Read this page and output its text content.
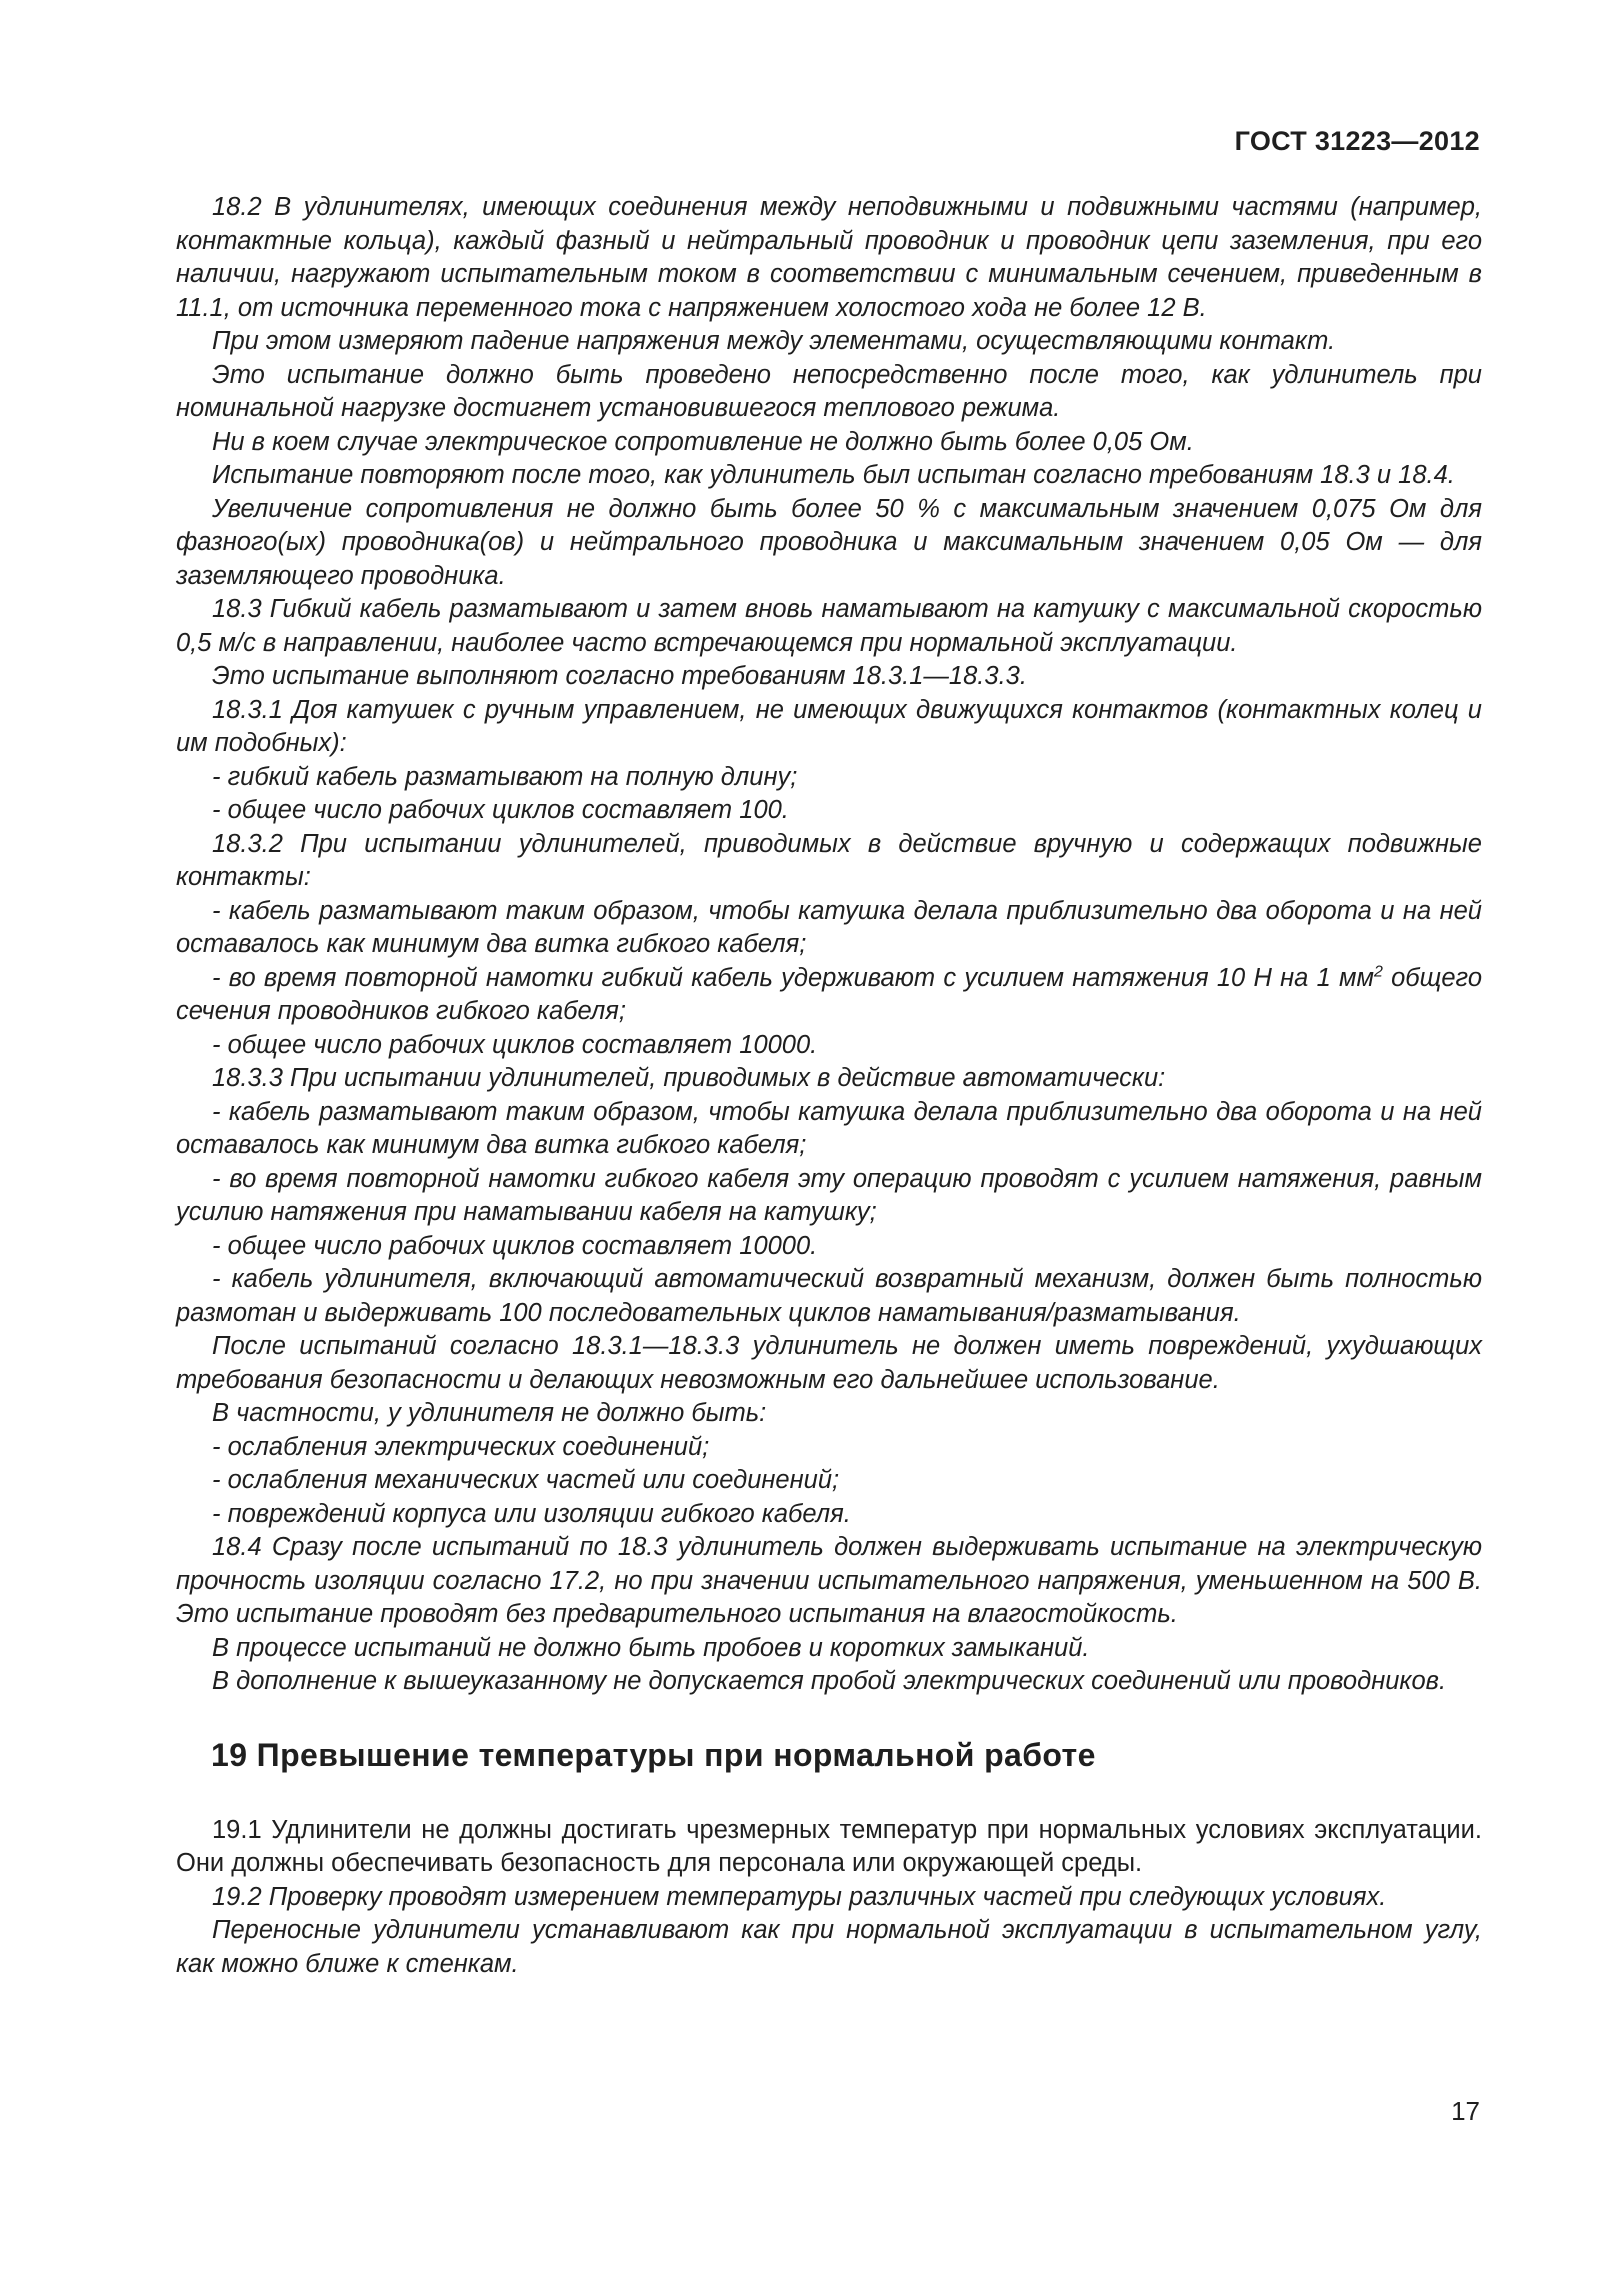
ГОСТ 31223—2012

18.2 В удлинителях, имеющих соединения между неподвижными и подвижными частями (например, контактные кольца), каждый фазный и нейтральный проводник и проводник цепи заземления, при его наличии, нагружают испытательным током в соответствии с минимальным сечением, приведенным в 11.1, от источника переменного тока с напряжением холостого хода не более 12 В.

При этом измеряют падение напряжения между элементами, осуществляющими контакт.

Это испытание должно быть проведено непосредственно после того, как удлинитель при номинальной нагрузке достигнет установившегося теплового режима.

Ни в коем случае электрическое сопротивление не должно быть более 0,05 Ом.

Испытание повторяют после того, как удлинитель был испытан согласно требованиям 18.3 и 18.4.

Увеличение сопротивления не должно быть более 50 % с максимальным значением 0,075 Ом для фазного(ых) проводника(ов) и нейтрального проводника и максимальным значением 0,05 Ом — для заземляющего проводника.

18.3 Гибкий кабель разматывают и затем вновь наматывают на катушку с максимальной скоростью 0,5 м/с в направлении, наиболее часто встречающемся при нормальной эксплуатации.

Это испытание выполняют согласно требованиям 18.3.1—18.3.3.

18.3.1 Доя катушек с ручным управлением, не имеющих движущихся контактов (контактных колец и им подобных):

- гибкий кабель разматывают на полную длину;

- общее число рабочих циклов составляет 100.

18.3.2 При испытании удлинителей, приводимых в действие вручную и содержащих подвижные контакты:

- кабель разматывают таким образом, чтобы катушка делала приблизительно два оборота и на ней оставалось как минимум два витка гибкого кабеля;

- во время повторной намотки гибкий кабель удерживают с усилием натяжения 10 Н на 1 $мм^2$ общего сечения проводников гибкого кабеля;

- общее число рабочих циклов составляет 10000.

18.3.3 При испытании удлинителей, приводимых в действие автоматически:

- кабель разматывают таким образом, чтобы катушка делала приблизительно два оборота и на ней оставалось как минимум два витка гибкого кабеля;

- во время повторной намотки гибкого кабеля эту операцию проводят с усилием натяжения, равным усилию натяжения при наматывании кабеля на катушку;

- общее число рабочих циклов составляет 10000.

- кабель удлинителя, включающий автоматический возвратный механизм, должен быть полностью размотан и выдерживать 100 последовательных циклов наматывания/разматывания.

После испытаний согласно 18.3.1—18.3.3 удлинитель не должен иметь повреждений, ухудшающих требования безопасности и делающих невозможным его дальнейшее использование.

В частности, у удлинителя не должно быть:

- ослабления электрических соединений;

- ослабления механических частей или соединений;

- повреждений корпуса или изоляции гибкого кабеля.

18.4 Сразу после испытаний по 18.3 удлинитель должен выдерживать испытание на электрическую прочность изоляции согласно 17.2, но при значении испытательного напряжения, уменьшенном на 500 В. Это испытание проводят без предварительного испытания на влагостойкость.

В процессе испытаний не должно быть пробоев и коротких замыканий.

В дополнение к вышеуказанному не допускается пробой электрических соединений или проводников.

19 Превышение температуры при нормальной работе

19.1 Удлинители не должны достигать чрезмерных температур при нормальных условиях эксплуатации. Они должны обеспечивать безопасность для персонала или окружающей среды.

19.2 Проверку проводят измерением температуры различных частей при следующих условиях.

Переносные удлинители устанавливают как при нормальной эксплуатации в испытательном углу, как можно ближе к стенкам.

17
